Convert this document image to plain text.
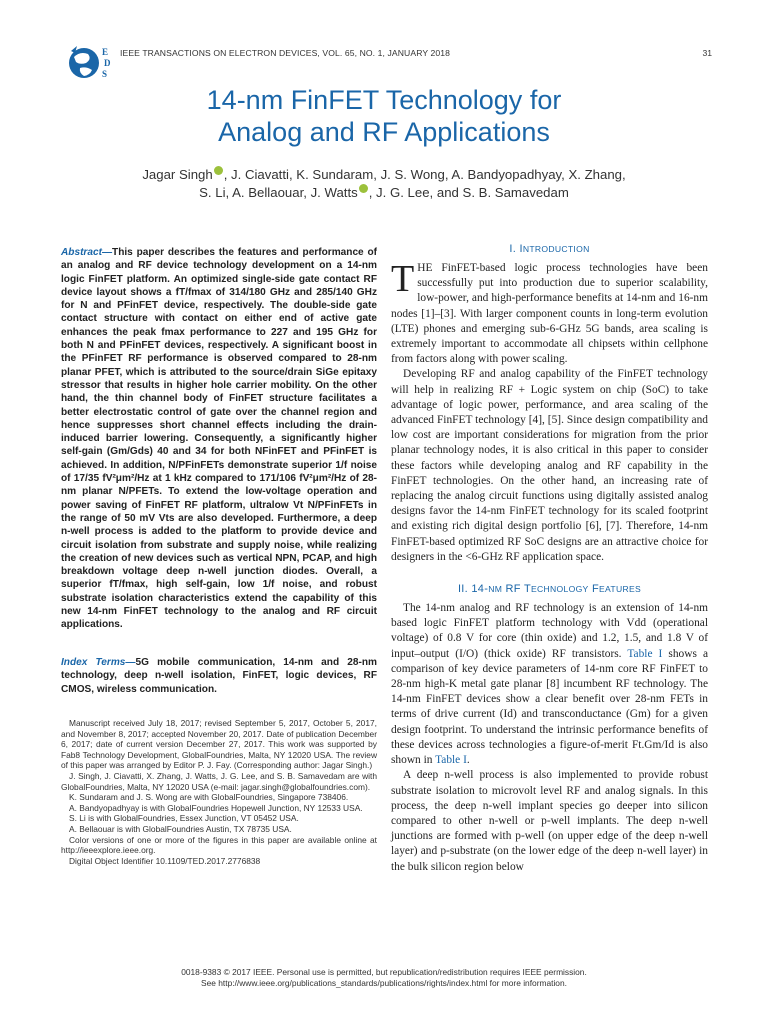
E
D
S
IEEE TRANSACTIONS ON ELECTRON DEVICES, VOL. 65, NO. 1, JANUARY 2018	31
14-nm FinFET Technology for
Analog and RF Applications
Jagar Singh , J. Ciavatti, K. Sundaram, J. S. Wong, A. Bandyopadhyay, X. Zhang,
S. Li, A. Bellaouar, J. Watts , J. G. Lee, and S. B. Samavedam
Abstract—This paper describes the features and performance of an analog and RF device technology development on a 14-nm logic FinFET platform. An optimized single-side gate contact RF device layout shows a fT/fmax of 314/180 GHz and 285/140 GHz for N and PFinFET device, respectively. The double-side gate contact structure with contact on either end of active gate enhances the peak fmax performance to 227 and 195 GHz for both N and PFinFET devices, respectively. A significant boost in the PFinFET RF performance is observed compared to 28-nm planar PFET, which is attributed to the source/drain SiGe epitaxy stressor that results in higher hole carrier mobility. On the other hand, the thin channel body of FinFET structure facilitates a better electrostatic control of gate over the channel region and hence suppresses short channel effects including the drain-induced barrier lowering. Consequently, a significantly higher self-gain (Gm/Gds) 40 and 34 for both NFinFET and PFinFET is achieved. In addition, N/PFinFETs demonstrate superior 1/f noise of 17/35 fV²μm²/Hz at 1 kHz compared to 171/106 fV²μm²/Hz of 28-nm planar N/PFETs. To extend the low-voltage operation and power saving of FinFET RF platform, ultralow Vt N/PFinFETs in the range of 50 mV Vts are also developed. Furthermore, a deep n-well process is added to the platform to provide device and circuit isolation from substrate and supply noise, while realizing the creation of new devices such as vertical NPN, PCAP, and high breakdown voltage deep n-well junction diodes. Overall, a superior fT/fmax, high self-gain, low 1/f noise, and robust substrate isolation characteristics extend the capability of this new 14-nm FinFET technology to the analog and RF circuit applications.
Index Terms—5G mobile communication, 14-nm and 28-nm technology, deep n-well isolation, FinFET, logic devices, RF CMOS, wireless communication.

Manuscript received July 18, 2017; revised September 5, 2017, October 5, 2017, and November 8, 2017; accepted November 20, 2017. Date of publication December 6, 2017; date of current version December 27, 2017. This work was supported by Fab8 Technology Development, GlobalFoundries, Malta, NY 12020 USA. The review of this paper was arranged by Editor P. J. Fay. (Corresponding author: Jagar Singh.)

J. Singh, J. Ciavatti, X. Zhang, J. Watts, J. G. Lee, and S. B. Samavedam are with GlobalFoundries, Malta, NY 12020 USA (e-mail: jagar.singh@globalfoundries.com).

K. Sundaram and J. S. Wong are with GlobalFoundries, Singapore 738406.

A. Bandyopadhyay is with GlobalFoundries Hopewell Junction, NY 12533 USA.

S. Li is with GlobalFoundries, Essex Junction, VT 05452 USA.

A. Bellaouar is with GlobalFoundries Austin, TX 78735 USA.

Color versions of one or more of the figures in this paper are available online at http://ieeexplore.ieee.org.

Digital Object Identifier 10.1109/TED.2017.2776838

I. INTRODUCTION

THE FinFET-based logic process technologies have been successfully put into production due to superior scalability, low-power, and high-performance benefits at 14-nm and 16-nm nodes [1]–[3]. With larger component counts in long-term evolution (LTE) phones and emerging sub-6-GHz 5G bands, area scaling is extremely important to accommodate all chipsets within cellphone from factors along with power scaling.

Developing RF and analog capability of the FinFET technology will help in realizing RF + Logic system on chip (SoC) to take advantage of logic power, performance, and area scaling of the advanced FinFET technology [4], [5]. Since design compatibility and low cost are important considerations for migration from the prior planar technology nodes, it is also critical in this paper to consider these factors while developing analog and RF capability in the FinFET technologies. On the other hand, an increasing rate of replacing the analog circuit functions using digitally assisted analog designs favor the 14-nm FinFET technology for its scaled footprint and existing rich digital design portfolio [6], [7]. Therefore, 14-nm FinFET-based optimized RF SoC designs are an attractive choice for designers in the <6-GHz RF application space.

II. 14-NM RF TECHNOLOGY FEATURES

The 14-nm analog and RF technology is an extension of 14-nm based logic FinFET platform technology with Vdd (operational voltage) of 0.8 V for core (thin oxide) and 1.2, 1.5, and 1.8 V of input–output (I/O) (thick oxide) RF transistors. Table I shows a comparison of key device parameters of 14-nm core RF FinFET to 28-nm high-K metal gate planar [8] incumbent RF technology. The 14-nm FinFET devices show a clear benefit over 28-nm FETs in terms of drive current (Id) and transconductance (Gm) for a given design footprint. To understand the intrinsic performance benefits of these devices across technologies a figure-of-merit Ft.Gm/Id is also shown in Table I.

A deep n-well process is also implemented to provide robust substrate isolation to microvolt level RF and analog signals. In this process, the deep n-well implant species go deeper into silicon compared to other n-well or p-well implants. The deep n-well junctions are formed with p-well (on upper edge of the deep n-well layer) and p-substrate (on the lower edge of the deep n-well layer) in the bulk silicon region below

0018-9383 © 2017 IEEE. Personal use is permitted, but republication/redistribution requires IEEE permission.
See http://www.ieee.org/publications_standards/publications/rights/index.html for more information.
